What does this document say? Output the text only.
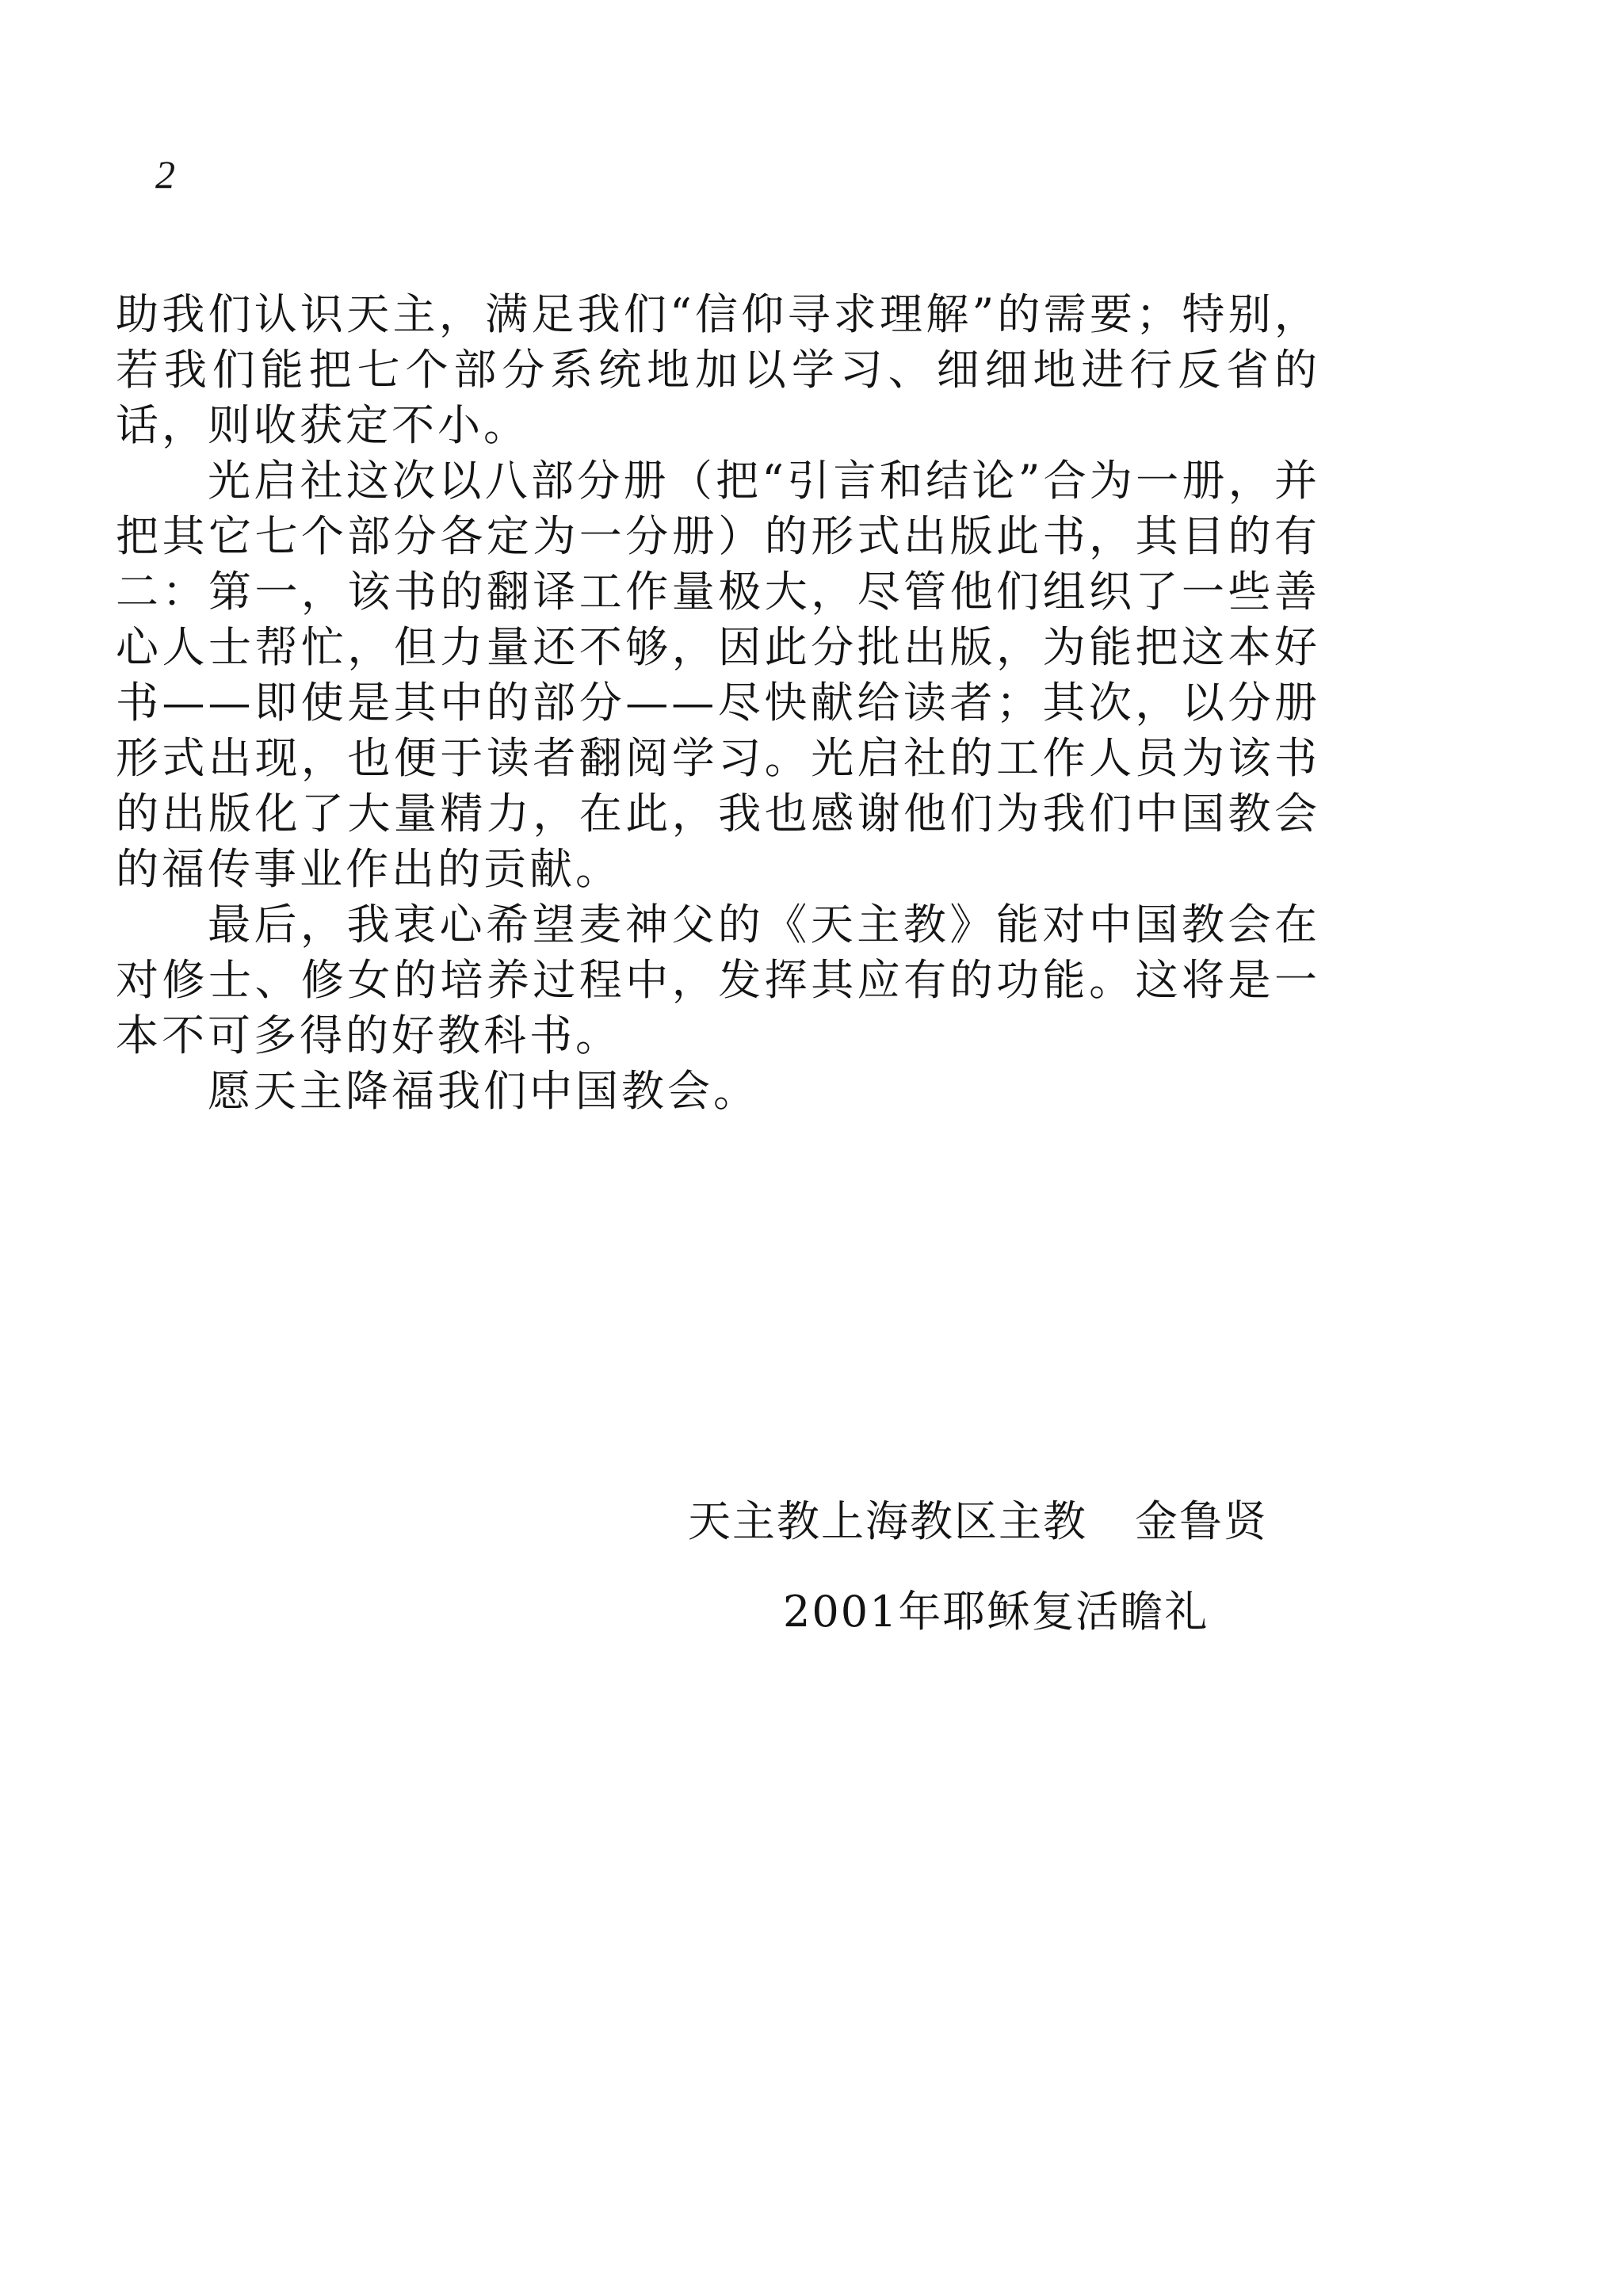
2

助我们认识天主，满足我们“信仰寻求理解”的需要；特别，若我们能把七个部分系统地加以学习、细细地进行反省的话，则收获定不小。

光启社这次以八部分册（把“引言和结论”合为一册，并把其它七个部分各定为一分册）的形式出版此书，其目的有二：第一，该书的翻译工作量极大，尽管他们组织了一些善心人士帮忙，但力量还不够，因此分批出版，为能把这本好书——即使是其中的部分——尽快献给读者；其次，以分册形式出现，也便于读者翻阅学习。光启社的工作人员为该书的出版化了大量精力，在此，我也感谢他们为我们中国教会的福传事业作出的贡献。

最后，我衷心希望麦神父的《天主教》能对中国教会在对修士、修女的培养过程中，发挥其应有的功能。这将是一本不可多得的好教科书。

愿天主降福我们中国教会。

天主教上海教区主教 金鲁贤
2001年耶稣复活瞻礼
